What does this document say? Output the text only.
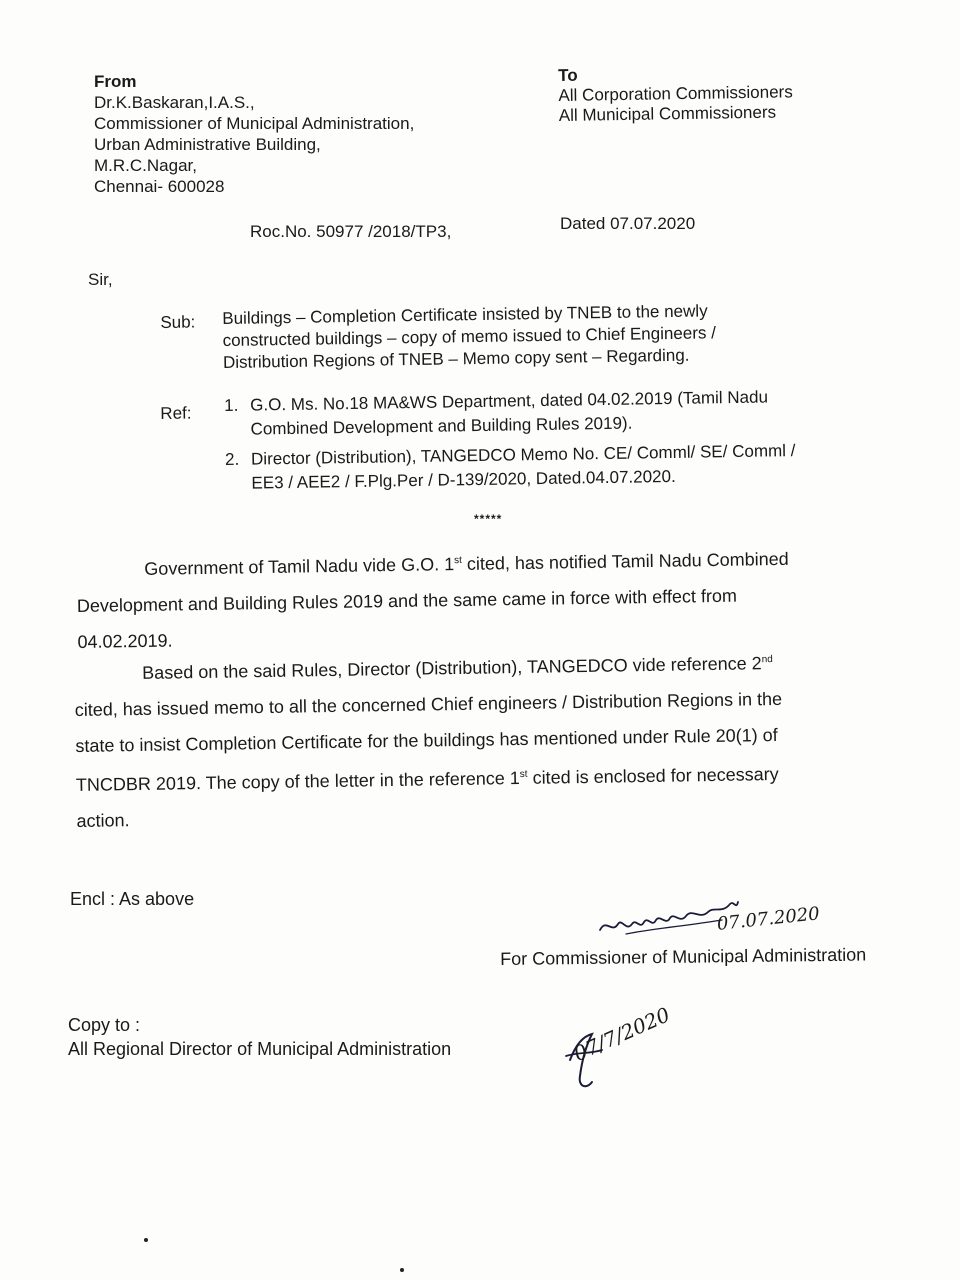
From
Dr.K.Baskaran,I.A.S.,
Commissioner of Municipal Administration,
Urban Administrative Building,
M.R.C.Nagar,
Chennai- 600028
To
All Corporation Commissioners
All Municipal Commissioners
Roc.No. 50977 /2018/TP3,	Dated 07.07.2020
Sir,
Sub: Buildings – Completion Certificate insisted by TNEB to the newly
constructed buildings – copy of memo issued to Chief Engineers /
Distribution Regions of TNEB – Memo copy sent – Regarding.
Ref: 1. G.O. Ms. No.18 MA&WS Department, dated 04.02.2019 (Tamil Nadu
Combined Development and Building Rules 2019).
2. Director (Distribution), TANGEDCO Memo No. CE/ Comml/ SE/ Comml /
EE3 / AEE2 / F.Plg.Per / D-139/2020, Dated.04.07.2020.
*****
Government of Tamil Nadu vide G.O. 1st cited, has notified Tamil Nadu Combined
Development and Building Rules 2019 and the same came in force with effect from
04.02.2019.
Based on the said Rules, Director (Distribution), TANGEDCO vide reference 2nd
cited, has issued memo to all the concerned Chief engineers / Distribution Regions in the
state to insist Completion Certificate for the buildings has mentioned under Rule 20(1) of
TNCDBR 2019. The copy of the letter in the reference 1st cited is enclosed for necessary
action.
Encl : As above
07.07.2020
For Commissioner of Municipal Administration
Copy to :
All Regional Director of Municipal Administration	07/7/2020
